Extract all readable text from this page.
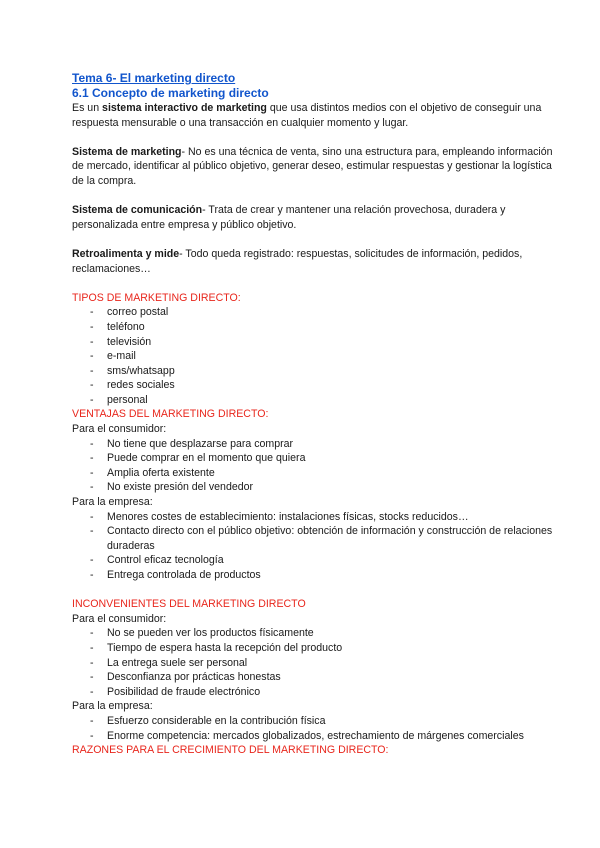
Tema 6- El marketing directo
6.1 Concepto de marketing directo

Es un sistema interactivo de marketing que usa distintos medios con el objetivo de conseguir una respuesta mensurable o una transacción en cualquier momento y lugar.

Sistema de marketing- No es una técnica de venta, sino una estructura para, empleando información de mercado, identificar al público objetivo, generar deseo, estimular respuestas y gestionar la logística de la compra.

Sistema de comunicación- Trata de crear y mantener una relación provechosa, duradera y personalizada entre empresa y público objetivo.

Retroalimenta y mide- Todo queda registrado: respuestas, solicitudes de información, pedidos, reclamaciones…

TIPOS DE MARKETING DIRECTO:

- correo postal
- teléfono
- televisión
- e-mail
- sms/whatsapp
- redes sociales
- personal

VENTAJAS DEL MARKETING DIRECTO:

Para el consumidor:

- No tiene que desplazarse para comprar
- Puede comprar en el momento que quiera
- Amplia oferta existente
- No existe presión del vendedor

Para la empresa:

- Menores costes de establecimiento: instalaciones físicas, stocks reducidos…
- Contacto directo con el público objetivo: obtención de información y construcción de relaciones duraderas
- Control eficaz tecnología
- Entrega controlada de productos

INCONVENIENTES DEL MARKETING DIRECTO

Para el consumidor:

- No se pueden ver los productos físicamente
- Tiempo de espera hasta la recepción del producto
- La entrega suele ser personal
- Desconfianza por prácticas honestas
- Posibilidad de fraude electrónico

Para la empresa:

- Esfuerzo considerable en la contribución física
- Enorme competencia: mercados globalizados, estrechamiento de márgenes comerciales

RAZONES PARA EL CRECIMIENTO DEL MARKETING DIRECTO:
